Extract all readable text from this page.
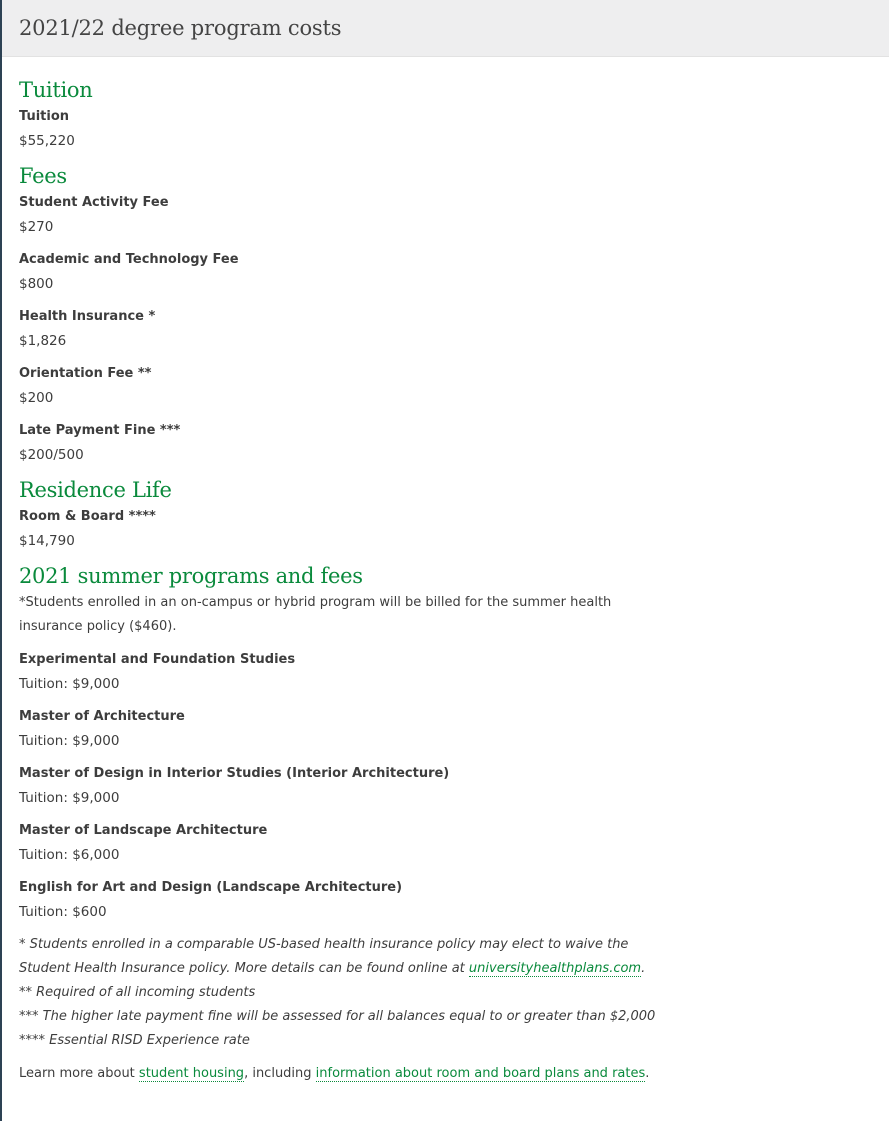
2021/22 degree program costs
Tuition

Tuition

$55,220

Fees

Student Activity Fee

$270

Academic and Technology Fee

$800

Health Insurance *

$1,826

Orientation Fee **

$200

Late Payment Fine ***

$200/500

Residence Life

Room & Board ****

$14,790

2021 summer programs and fees

*Students enrolled in an on-campus or hybrid program will be billed for the summer health

insurance policy ($460).

Experimental and Foundation Studies

Tuition: $9,000

Master of Architecture

Tuition: $9,000

Master of Design in Interior Studies (Interior Architecture)

Tuition: $9,000

Master of Landscape Architecture

Tuition: $6,000

English for Art and Design (Landscape Architecture)

Tuition: $600

* Students enrolled in a comparable US-based health insurance policy may elect to waive the

Student Health Insurance policy. More details can be found online at universityhealthplans.com.

** Required of all incoming students

*** The higher late payment fine will be assessed for all balances equal to or greater than $2,000

**** Essential RISD Experience rate

Learn more about student housing, including information about room and board plans and rates.
